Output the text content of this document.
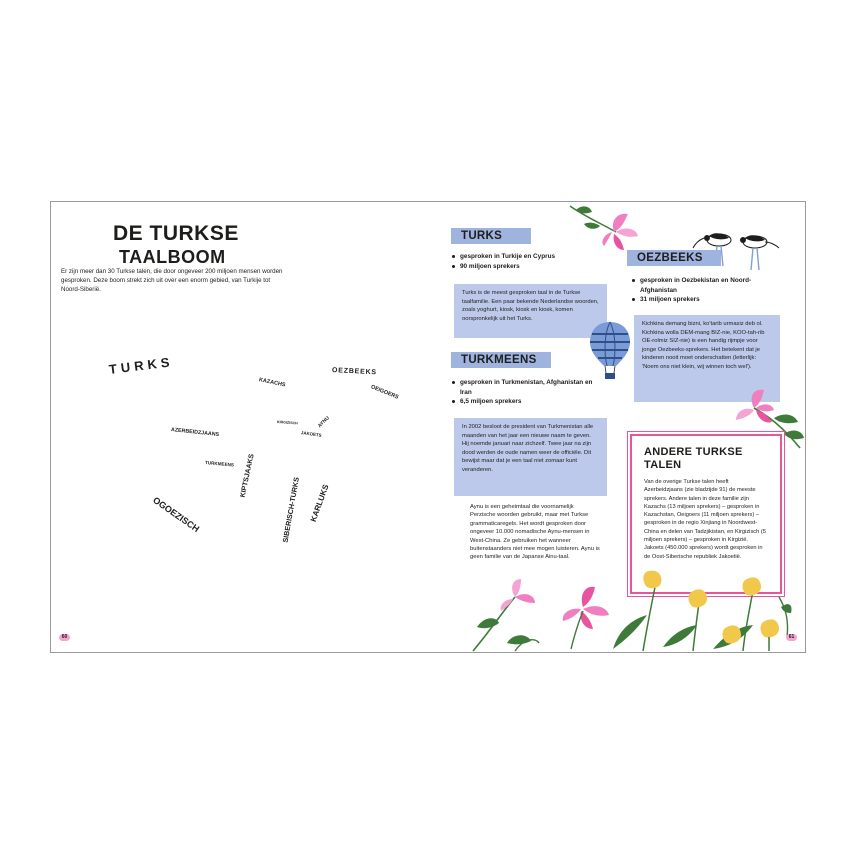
DE TURKSE
TAALBOOM

Er zijn meer dan 30 Turkse talen, die door ongeveer 200 miljoen mensen worden gesproken. Deze boom strekt zich uit over een enorm gebied, van Turkije tot Noord-Siberië.

TURKS
KAZACHS
OEZBEEKS
OEIGOERS
AZERBEIDZJAANS
TURKMEENS KIPTSJAAKS
SIBERISCH-TURKS KARLUKS
OGOEZISCH
KIRGIZISCH
JAKOETS
AYNU
60
TURKS
gesproken in Turkije en Cyprus
90 miljoen sprekers

Turks is de meest gesproken taal in de Turkse taalfamilie. Een paar bekende Nederlandse woorden, zoals yoghurt, kiosk, kiosk en kiosk, komen oorspronkelijk uit het Turks.

TURKMEENS
gesproken in Turkmenistan, Afghanistan en Iran
6,5 miljoen sprekers

In 2002 besloot de president van Turkmenistan alle maanden van het jaar een nieuwe naam te geven. Hij noemde januari naar zichzelf. Twee jaar na zijn dood werden de oude namen weer de officiële. Dit bewijst maar dat je een taal niet zomaar kunt veranderen.

Aynu is een geheimtaal die voornamelijk Perzische woorden gebruikt, maar met Turkse grammaticaregels. Het wordt gesproken door ongeveer 10.000 nomadische Aynu-mensen in West-China. Ze gebruiken het wanneer buitenstaanders niet mee mogen luisteren. Aynu is geen familie van de Japanse Ainu-taal.

OEZBEEKS
gesproken in Oezbekistan en Noord-Afghanistan
31 miljoen sprekers

Kichkina demang bizni, ko'tarib urmasiz deb ol. Kichkina wolla DEM-mang BIZ-nie, KOO-tah-rib OE-rolmiz SIZ-nie) is een handig rijmpje voor jonge Oezbeeks-sprekers. Het betekent dat je kinderen nooit moet onderschatten (letterlijk: 'Noem ons niet klein, wij winnen toch wel').

ANDERE TURKSE
TALEN

Van de overige Turkse talen heeft Azerbeidzjaans (zie bladzijde 91) de meeste sprekers. Andere talen in deze familie zijn Kazachs (13 miljoen sprekers) – gesproken in Kazachstan, Oeigoers (11 miljoen sprekers) – gesproken in de regio Xinjiang in Noordwest-China en delen van Tadzjikistan, en Kirgizisch (5 miljoen sprekers) – gesproken in Kirgizië. Jakoets (450.000 sprekers) wordt gesproken in de Oost-Siberische republiek Jakoetië.

61
